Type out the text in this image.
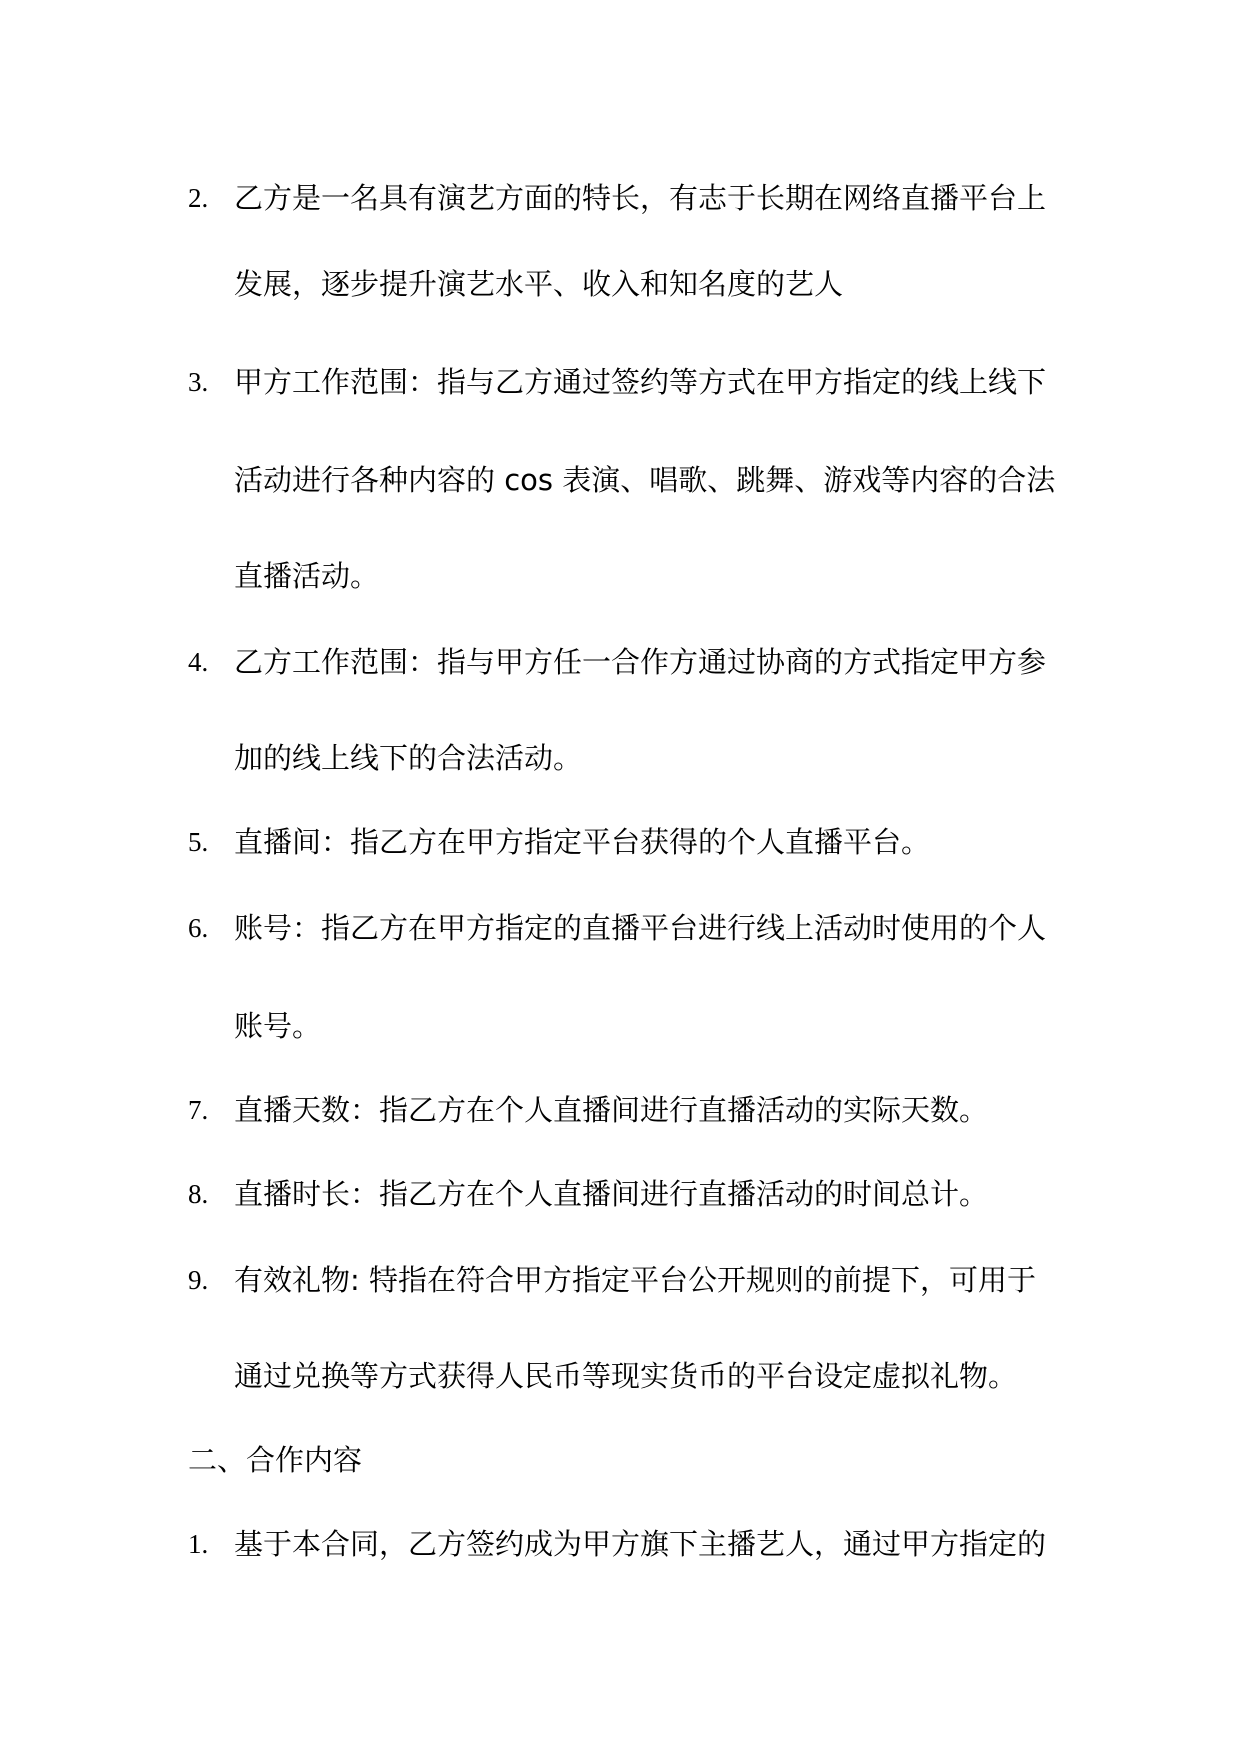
2. 乙方是一名具有演艺方面的特长，有志于长期在网络直播平台上
发展，逐步提升演艺水平、收入和知名度的艺人
3. 甲方工作范围：指与乙方通过签约等方式在甲方指定的线上线下
活动进行各种内容的 cos 表演、唱歌、跳舞、游戏等内容的合法
直播活动。
4. 乙方工作范围：指与甲方任一合作方通过协商的方式指定甲方参
加的线上线下的合法活动。
5. 直播间：指乙方在甲方指定平台获得的个人直播平台。
6. 账号：指乙方在甲方指定的直播平台进行线上活动时使用的个人
账号。
7. 直播天数：指乙方在个人直播间进行直播活动的实际天数。
8. 直播时长：指乙方在个人直播间进行直播活动的时间总计。
9. 有效礼物: 特指在符合甲方指定平台公开规则的前提下，可用于
通过兑换等方式获得人民币等现实货币的平台设定虚拟礼物。
二、合作内容
1. 基于本合同，乙方签约成为甲方旗下主播艺人，通过甲方指定的
